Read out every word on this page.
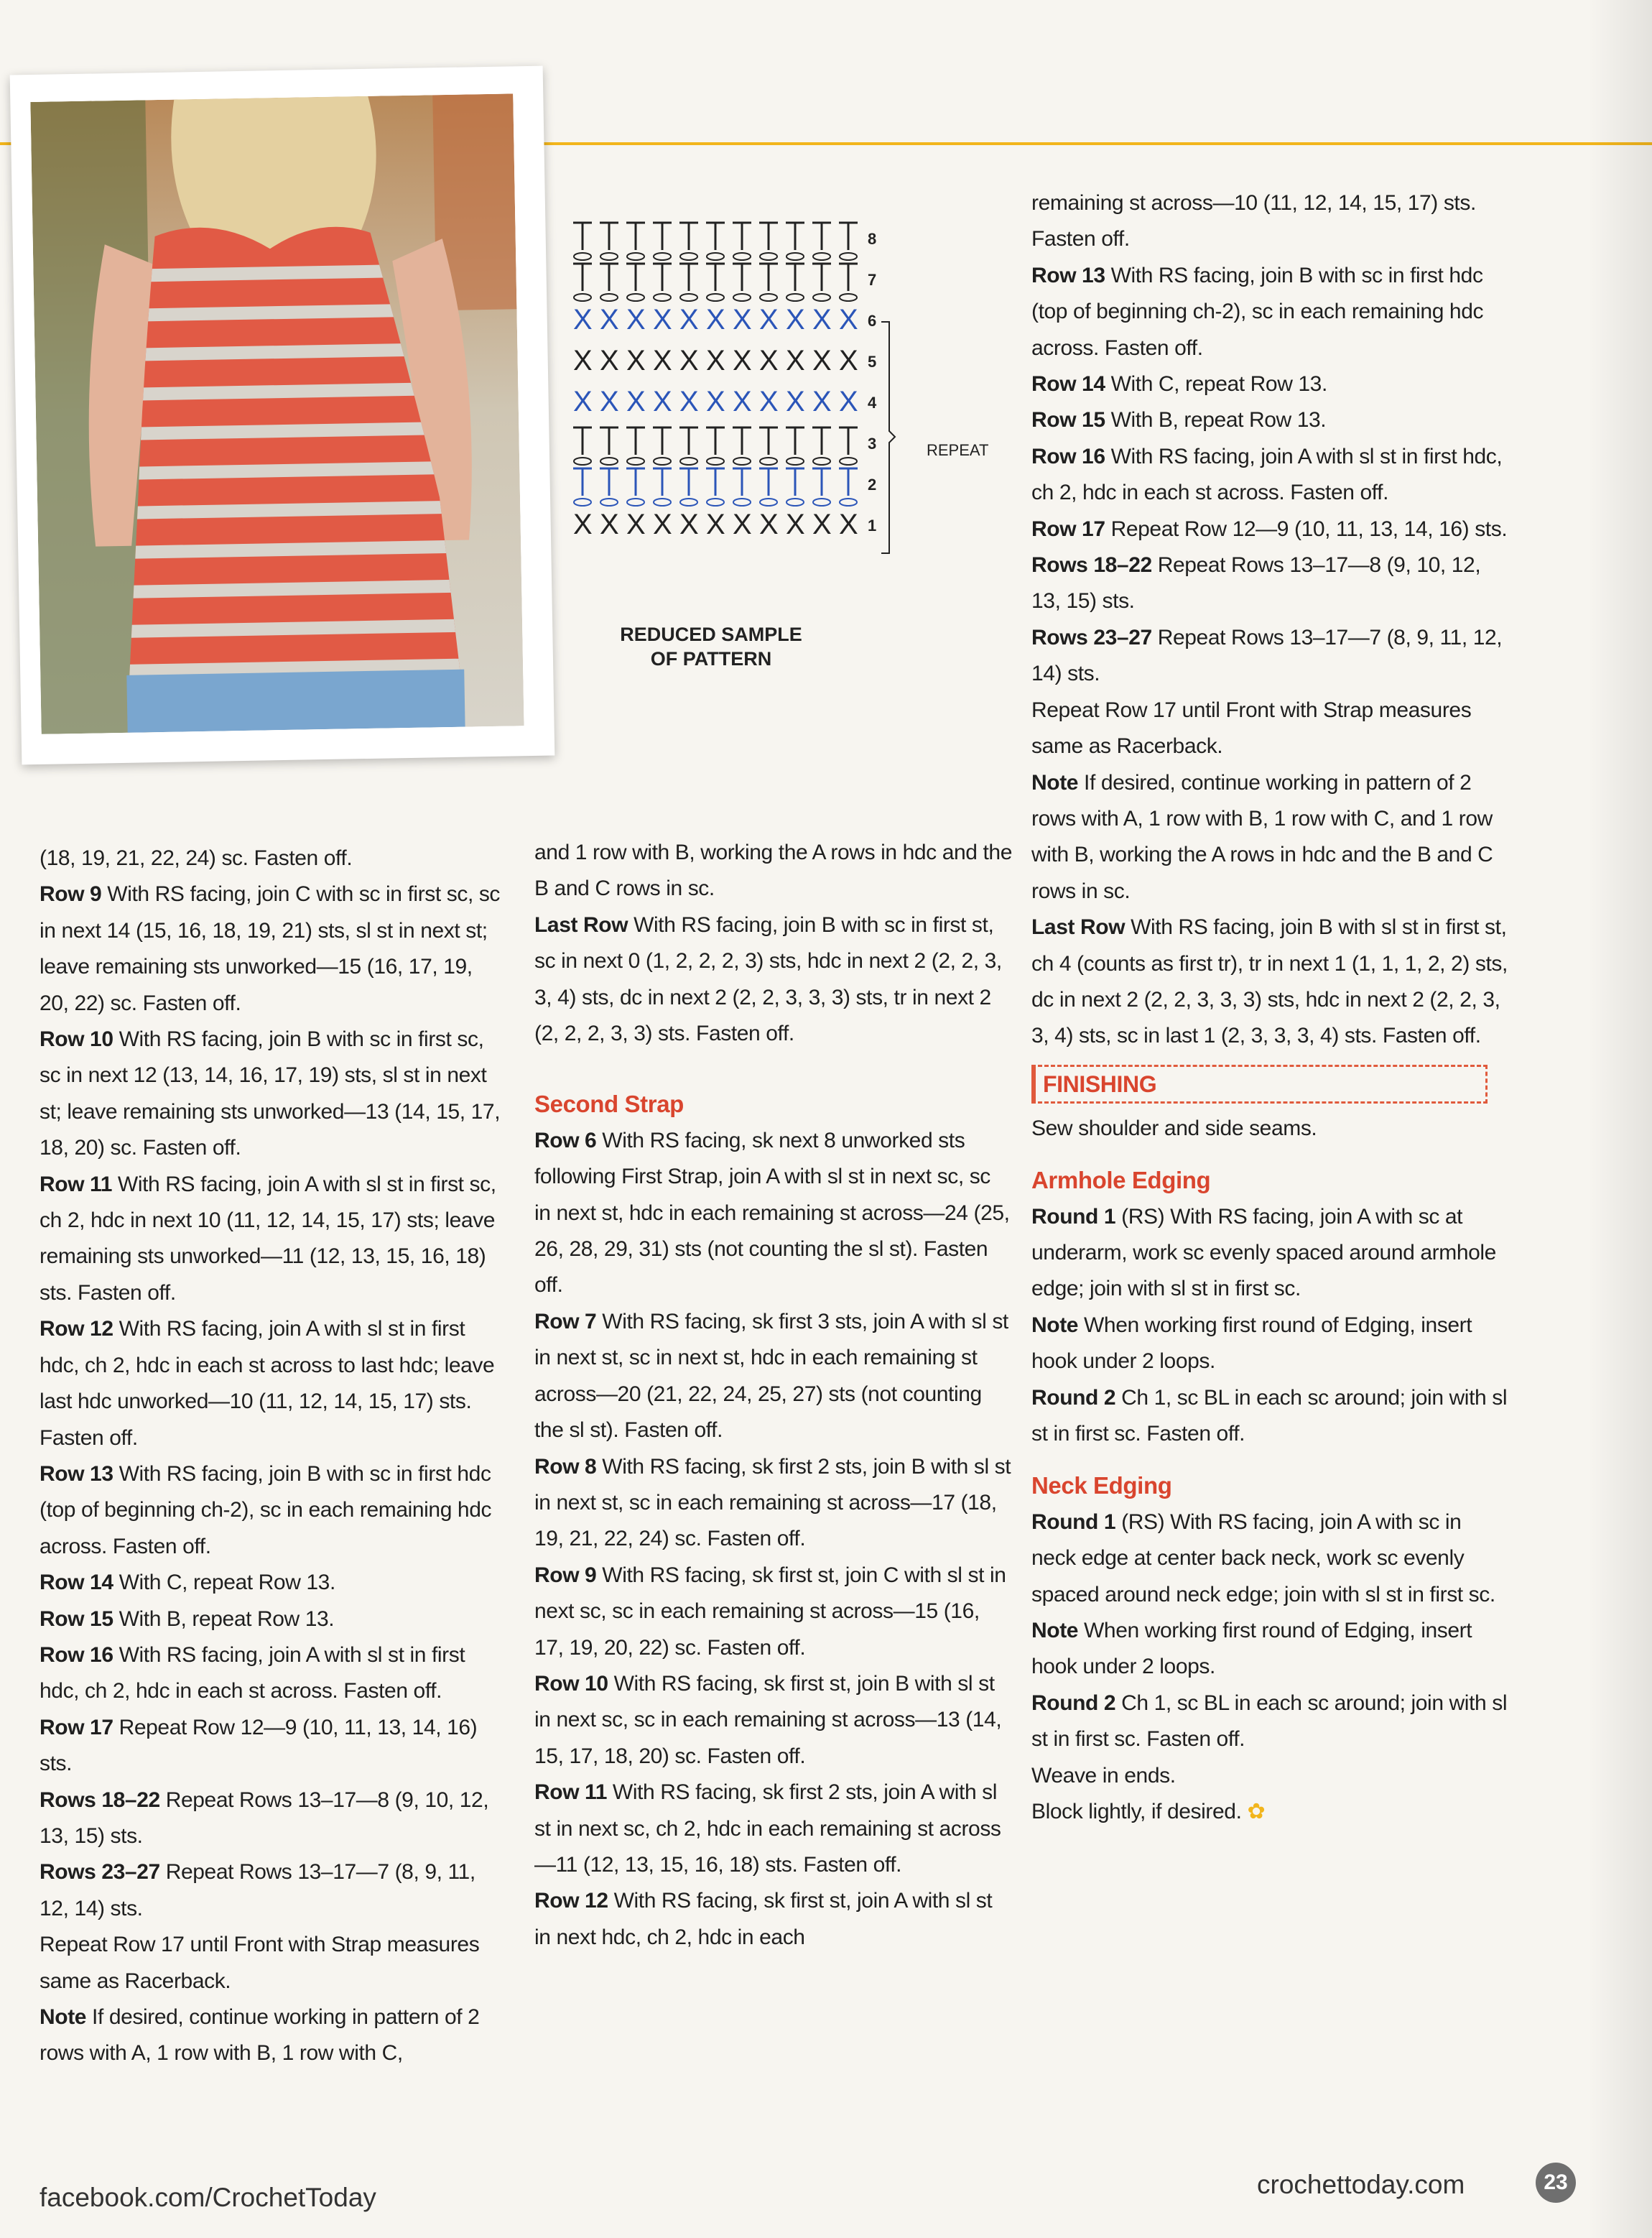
8
7
X X X X X X X X X X X 6
X X X X X X X X X X X 5
X X X X X X X X X X X 4
3
2
X X X X X X X X X X X 1
REPEAT
REDUCED SAMPLE
OF PATTERN

(18, 19, 21, 22, 24) sc. Fasten off.

Row 9 With RS facing, join C with sc in first sc, sc in next 14 (15, 16, 18, 19, 21) sts, sl st in next st; leave remaining sts unworked—15 (16, 17, 19, 20, 22) sc. Fasten off.

Row 10 With RS facing, join B with sc in first sc, sc in next 12 (13, 14, 16, 17, 19) sts, sl st in next st; leave remaining sts unworked—13 (14, 15, 17, 18, 20) sc. Fasten off.

Row 11 With RS facing, join A with sl st in first sc, ch 2, hdc in next 10 (11, 12, 14, 15, 17) sts; leave remaining sts unworked—11 (12, 13, 15, 16, 18) sts. Fasten off.

Row 12 With RS facing, join A with sl st in first hdc, ch 2, hdc in each st across to last hdc; leave last hdc unworked—10 (11, 12, 14, 15, 17) sts. Fasten off.

Row 13 With RS facing, join B with sc in first hdc (top of beginning ch-2), sc in each remaining hdc across. Fasten off.

Row 14 With C, repeat Row 13.

Row 15 With B, repeat Row 13.

Row 16 With RS facing, join A with sl st in first hdc, ch 2, hdc in each st across. Fasten off.

Row 17 Repeat Row 12—9 (10, 11, 13, 14, 16) sts.

Rows 18–22 Repeat Rows 13–17—8 (9, 10, 12, 13, 15) sts.

Rows 23–27 Repeat Rows 13–17—7 (8, 9, 11, 12, 14) sts.

Repeat Row 17 until Front with Strap measures same as Racerback.

Note If desired, continue working in pattern of 2 rows with A, 1 row with B, 1 row with C,

and 1 row with B, working the A rows in hdc and the B and C rows in sc.

Last Row With RS facing, join B with sc in first st, sc in next 0 (1, 2, 2, 2, 3) sts, hdc in next 2 (2, 2, 3, 3, 4) sts, dc in next 2 (2, 2, 3, 3, 3) sts, tr in next 2 (2, 2, 2, 3, 3) sts. Fasten off.

Second Strap

Row 6 With RS facing, sk next 8 unworked sts following First Strap, join A with sl st in next sc, sc in next st, hdc in each remaining st across—24 (25, 26, 28, 29, 31) sts (not counting the sl st). Fasten off.

Row 7 With RS facing, sk first 3 sts, join A with sl st in next st, sc in next st, hdc in each remaining st across—20 (21, 22, 24, 25, 27) sts (not counting the sl st). Fasten off.

Row 8 With RS facing, sk first 2 sts, join B with sl st in next st, sc in each remaining st across—17 (18, 19, 21, 22, 24) sc. Fasten off.

Row 9 With RS facing, sk first st, join C with sl st in next sc, sc in each remaining st across—15 (16, 17, 19, 20, 22) sc. Fasten off.

Row 10 With RS facing, sk first st, join B with sl st in next sc, sc in each remaining st across—13 (14, 15, 17, 18, 20) sc. Fasten off.

Row 11 With RS facing, sk first 2 sts, join A with sl st in next sc, ch 2, hdc in each remaining st across—11 (12, 13, 15, 16, 18) sts. Fasten off.

Row 12 With RS facing, sk first st, join A with sl st in next hdc, ch 2, hdc in each

remaining st across—10 (11, 12, 14, 15, 17) sts. Fasten off.

Row 13 With RS facing, join B with sc in first hdc (top of beginning ch-2), sc in each remaining hdc across. Fasten off.

Row 14 With C, repeat Row 13.

Row 15 With B, repeat Row 13.

Row 16 With RS facing, join A with sl st in first hdc, ch 2, hdc in each st across. Fasten off.

Row 17 Repeat Row 12—9 (10, 11, 13, 14, 16) sts.

Rows 18–22 Repeat Rows 13–17—8 (9, 10, 12, 13, 15) sts.

Rows 23–27 Repeat Rows 13–17—7 (8, 9, 11, 12, 14) sts.

Repeat Row 17 until Front with Strap measures same as Racerback.

Note If desired, continue working in pattern of 2 rows with A, 1 row with B, 1 row with C, and 1 row with B, working the A rows in hdc and the B and C rows in sc.

Last Row With RS facing, join B with sl st in first st, ch 4 (counts as first tr), tr in next 1 (1, 1, 1, 2, 2) sts, dc in next 2 (2, 2, 3, 3, 3) sts, hdc in next 2 (2, 2, 3, 3, 4) sts, sc in last 1 (2, 3, 3, 3, 4) sts. Fasten off.

FINISHING

Sew shoulder and side seams.

Armhole Edging

Round 1 (RS) With RS facing, join A with sc at underarm, work sc evenly spaced around armhole edge; join with sl st in first sc.

Note When working first round of Edging, insert hook under 2 loops.

Round 2 Ch 1, sc BL in each sc around; join with sl st in first sc. Fasten off.

Neck Edging

Round 1 (RS) With RS facing, join A with sc in neck edge at center back neck, work sc evenly spaced around neck edge; join with sl st in first sc.

Note When working first round of Edging, insert hook under 2 loops.

Round 2 Ch 1, sc BL in each sc around; join with sl st in first sc. Fasten off.

Weave in ends.

Block lightly, if desired. ✿

facebook.com/CrochetToday	crochettoday.com	23
